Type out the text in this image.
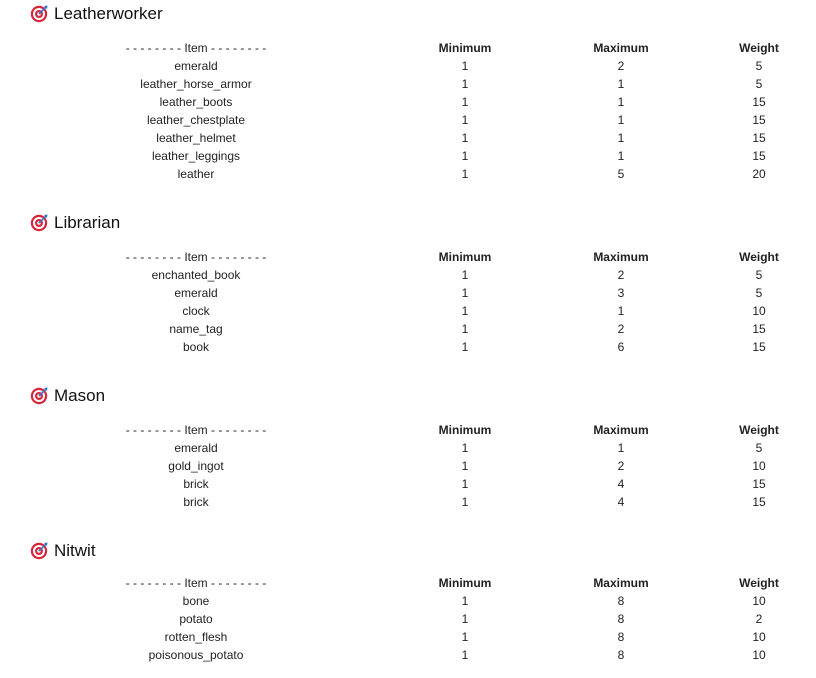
Leatherworker
- - - - - - - - Item - - - - - - - -	Minimum	Maximum	Weight
emerald	1	2	5
leather_horse_armor	1	1	5
leather_boots	1	1	15
leather_chestplate	1	1	15
leather_helmet	1	1	15
leather_leggings	1	1	15
leather	1	5	20
Librarian
- - - - - - - - Item - - - - - - - -	Minimum	Maximum	Weight
enchanted_book	1	2	5
emerald	1	3	5
clock	1	1	10
name_tag	1	2	15
book	1	6	15
Mason
- - - - - - - - Item - - - - - - - -	Minimum	Maximum	Weight
emerald	1	1	5
gold_ingot	1	2	10
brick	1	4	15
brick	1	4	15
Nitwit
- - - - - - - - Item - - - - - - - -	Minimum	Maximum	Weight
bone	1	8	10
potato	1	8	2
rotten_flesh	1	8	10
poisonous_potato	1	8	10
